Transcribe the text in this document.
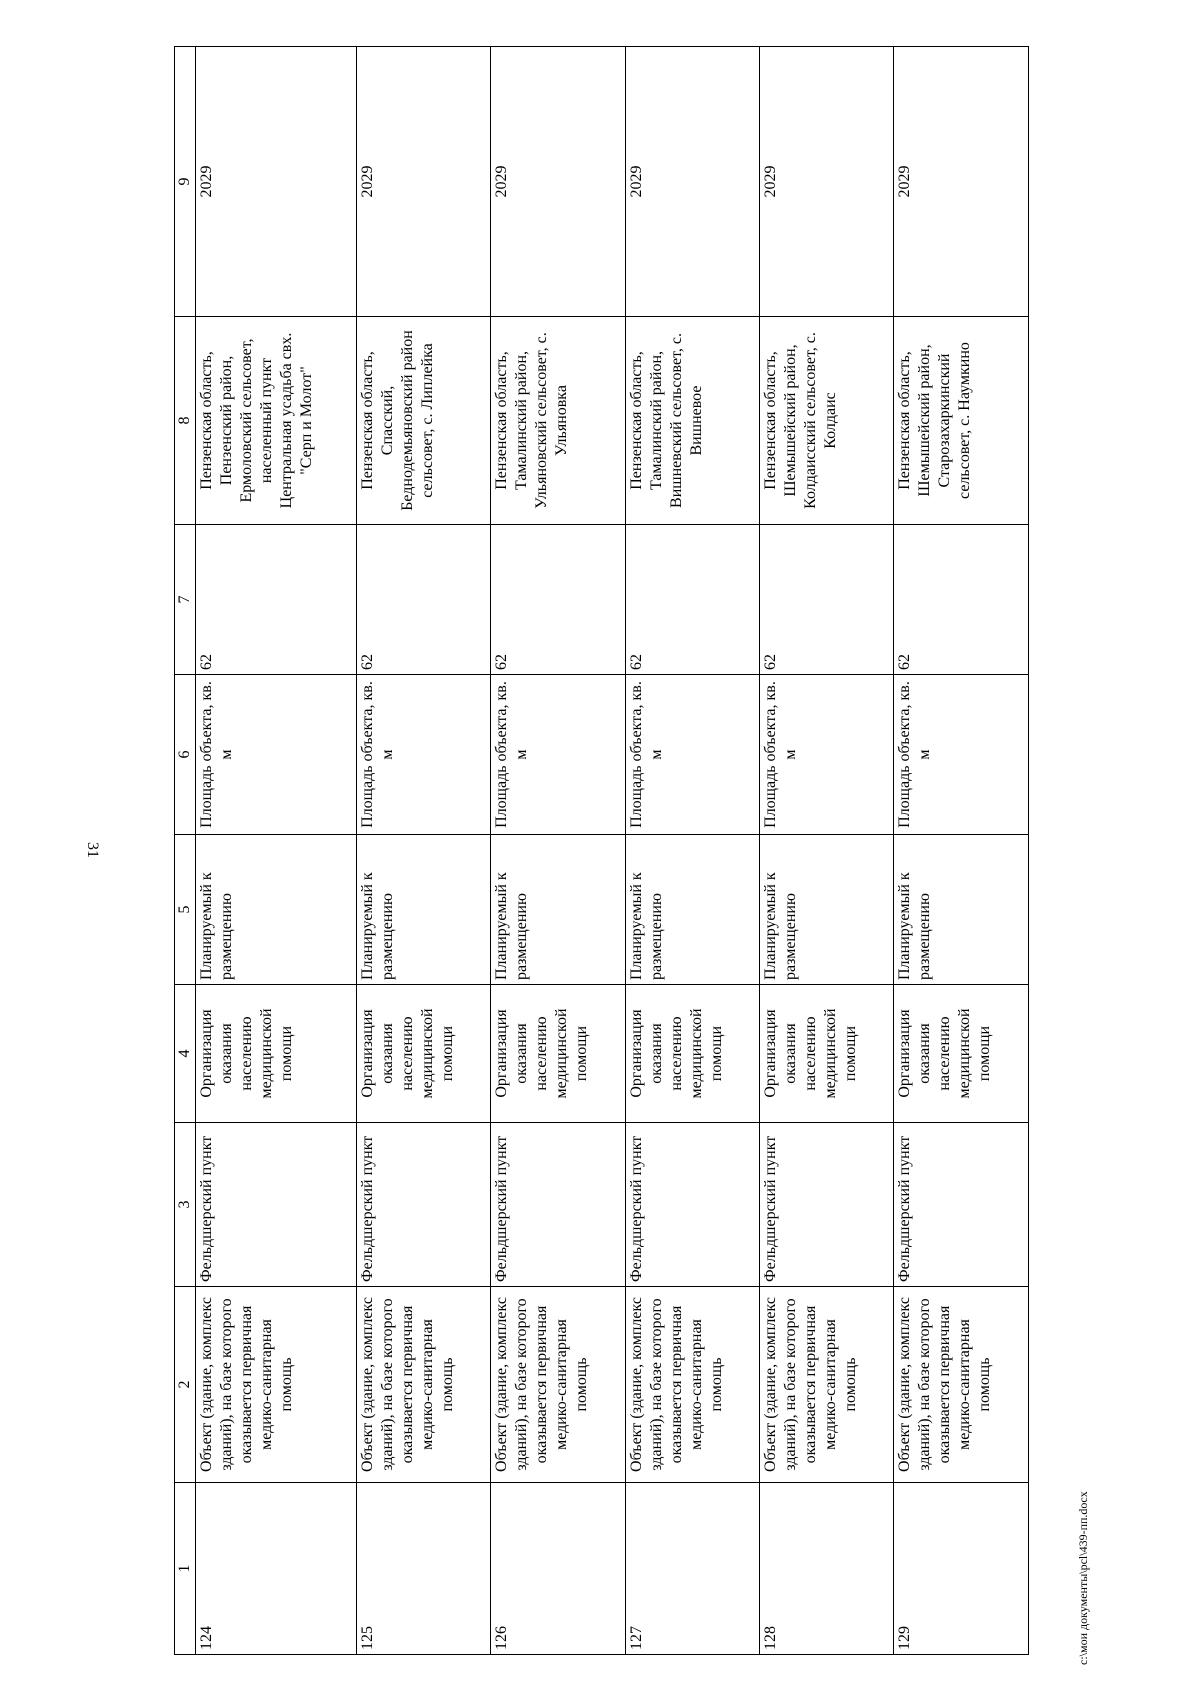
31
1	2	3	4	5	6	7	8	9
124	Объект (здание, комплекс зданий), на базе которого оказывается первичная медико-санитарная помощь	Фельдшерский пункт	Организация оказания населению медицинской помощи	Планируемый к размещению	Площадь объекта, кв. м	62	Пензенская область, Пензенский район, Ермоловский сельсовет, населенный пункт Центральная усадьба свх. "Серп и Молот"	2029
125	Объект (здание, комплекс зданий), на базе которого оказывается первичная медико-санитарная помощь	Фельдшерский пункт	Организация оказания населению медицинской помощи	Планируемый к размещению	Площадь объекта, кв. м	62	Пензенская область, Спасский, Беднодемьяновский район сельсовет, с. Липлейка	2029
126	Объект (здание, комплекс зданий), на базе которого оказывается первичная медико-санитарная помощь	Фельдшерский пункт	Организация оказания населению медицинской помощи	Планируемый к размещению	Площадь объекта, кв. м	62	Пензенская область, Тамалинский район, Ульяновский сельсовет, с. Ульяновка	2029
127	Объект (здание, комплекс зданий), на базе которого оказывается первичная медико-санитарная помощь	Фельдшерский пункт	Организация оказания населению медицинской помощи	Планируемый к размещению	Площадь объекта, кв. м	62	Пензенская область, Тамалинский район, Вишневский сельсовет, с. Вишневое	2029
128	Объект (здание, комплекс зданий), на базе которого оказывается первичная медико-санитарная помощь	Фельдшерский пункт	Организация оказания населению медицинской помощи	Планируемый к размещению	Площадь объекта, кв. м	62	Пензенская область, Шемышейский район, Колдаисский сельсовет, с. Колдаис	2029
129	Объект (здание, комплекс зданий), на базе которого оказывается первичная медико-санитарная помощь	Фельдшерский пункт	Организация оказания населению медицинской помощи	Планируемый к размещению	Площадь объекта, кв. м	62	Пензенская область, Шемышейский район, Старозахаркинский сельсовет, с. Наумкино	2029
c:\мои документы\pcl\439-пп.docx
